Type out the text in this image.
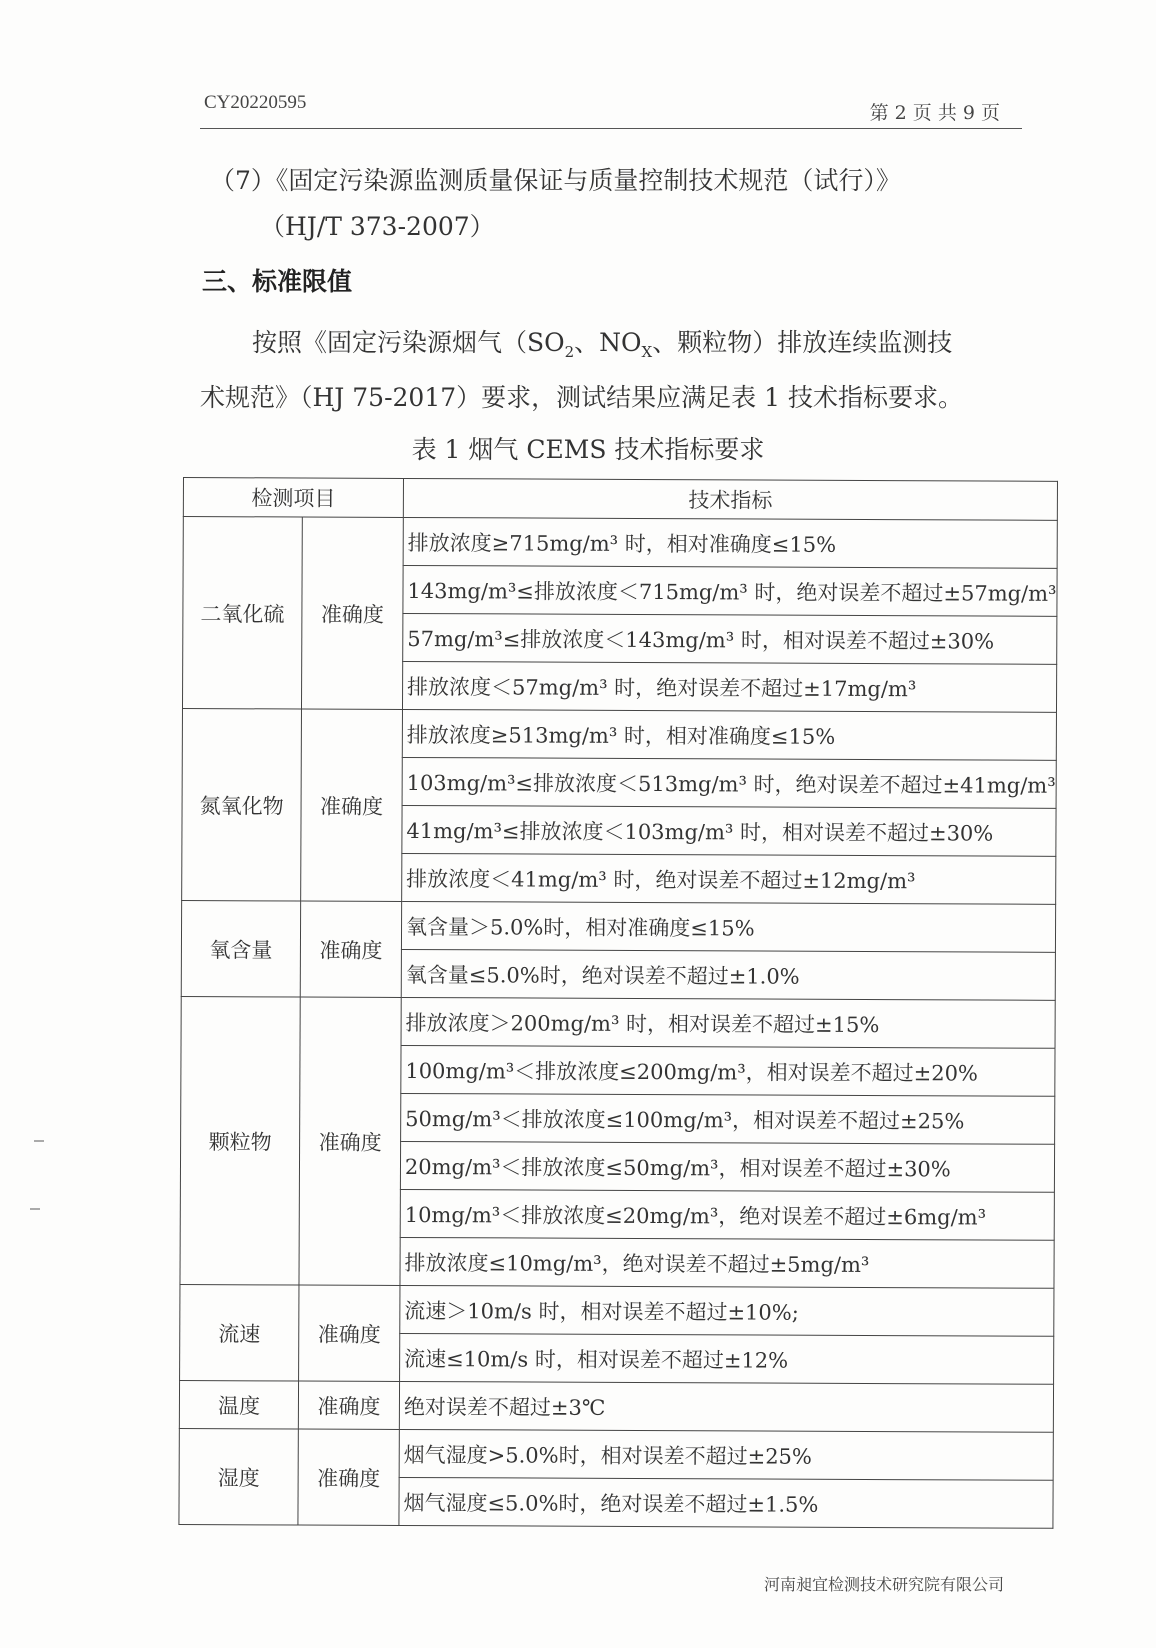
CY20220595	第 2 页 共 9 页
（7）《固定污染源监测质量保证与质量控制技术规范（试行）》
（HJ/T 373-2007）
三、标准限值
按照《固定污染源烟气（$SO_2$、$NO_X$、颗粒物）排放连续监测技
术规范》（HJ 75-2017）要求，测试结果应满足表 1 技术指标要求。
表 1 烟气 CEMS 技术指标要求
检测项目		技术指标
二氧化硫	准确度	排放浓度≥715mg/m³ 时，相对准确度≤15%
		143mg/m³≤排放浓度＜715mg/m³ 时，绝对误差不超过±57mg/m³
		57mg/m³≤排放浓度＜143mg/m³ 时，相对误差不超过±30%
		排放浓度＜57mg/m³ 时，绝对误差不超过±17mg/m³
氮氧化物	准确度	排放浓度≥513mg/m³ 时，相对准确度≤15%
		103mg/m³≤排放浓度＜513mg/m³ 时，绝对误差不超过±41mg/m³
		41mg/m³≤排放浓度＜103mg/m³ 时，相对误差不超过±30%
		排放浓度＜41mg/m³ 时，绝对误差不超过±12mg/m³
氧含量	准确度	氧含量＞5.0%时，相对准确度≤15%
		氧含量≤5.0%时，绝对误差不超过±1.0%
颗粒物	准确度	排放浓度＞200mg/m³ 时，相对误差不超过±15%
		100mg/m³＜排放浓度≤200mg/m³，相对误差不超过±20%
		50mg/m³＜排放浓度≤100mg/m³，相对误差不超过±25%
		20mg/m³＜排放浓度≤50mg/m³，相对误差不超过±30%
		10mg/m³＜排放浓度≤20mg/m³，绝对误差不超过±6mg/m³
		排放浓度≤10mg/m³，绝对误差不超过±5mg/m³
流速	准确度	流速＞10m/s 时，相对误差不超过±10%;
		流速≤10m/s 时，相对误差不超过±12%
温度	准确度	绝对误差不超过±3℃
湿度	准确度	烟气湿度>5.0%时，相对误差不超过±25%
		烟气湿度≤5.0%时，绝对误差不超过±1.5%
河南昶宜检测技术研究院有限公司
